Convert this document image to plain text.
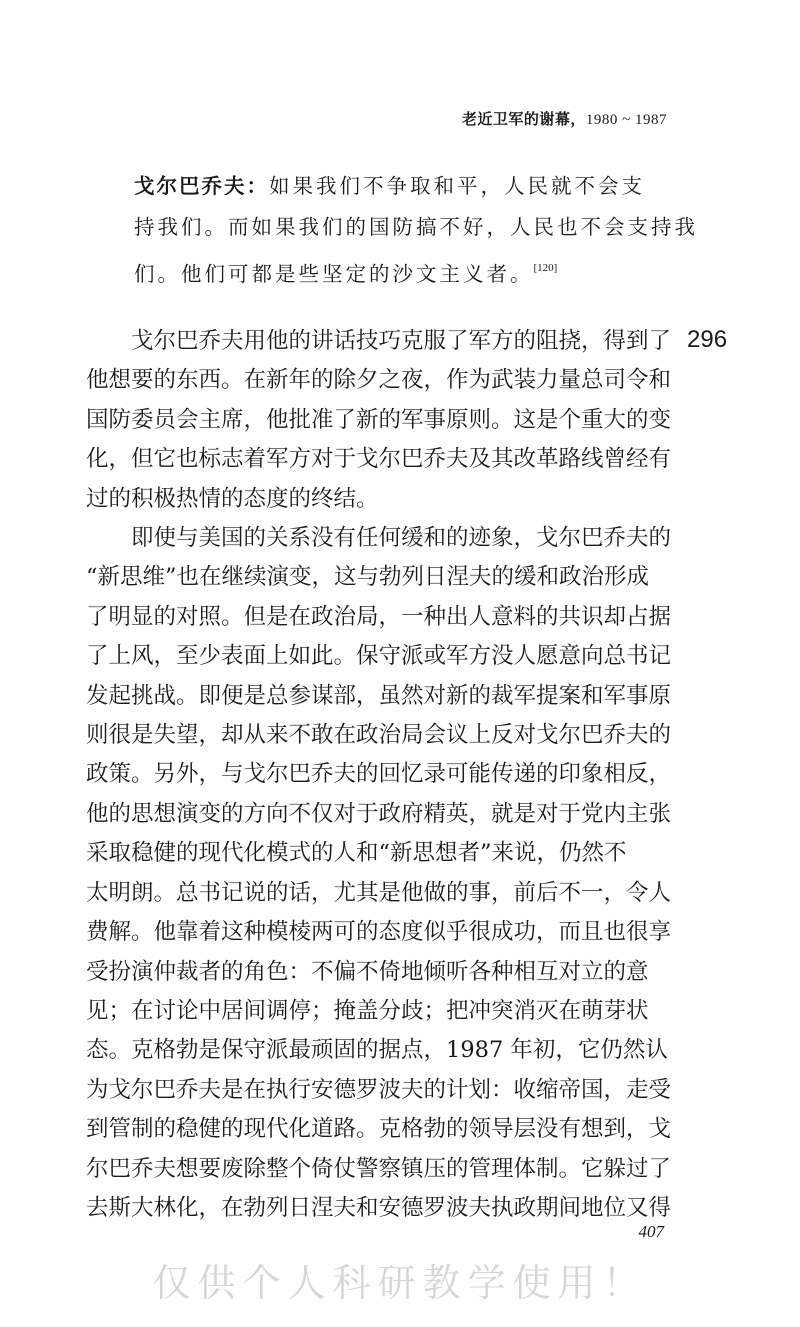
老近卫军的谢幕，1980 ~ 1987
戈尔巴乔夫：如果我们不争取和平，人民就不会支
持我们。而如果我们的国防搞不好，人民也不会支持我
们。他们可都是些坚定的沙文主义者。[120]
296
　　戈尔巴乔夫用他的讲话技巧克服了军方的阻挠，得到了
他想要的东西。在新年的除夕之夜，作为武装力量总司令和
国防委员会主席，他批准了新的军事原则。这是个重大的变
化，但它也标志着军方对于戈尔巴乔夫及其改革路线曾经有
过的积极热情的态度的终结。
　　即使与美国的关系没有任何缓和的迹象，戈尔巴乔夫的
“新思维”也在继续演变，这与勃列日涅夫的缓和政治形成
了明显的对照。但是在政治局，一种出人意料的共识却占据
了上风，至少表面上如此。保守派或军方没人愿意向总书记
发起挑战。即便是总参谋部，虽然对新的裁军提案和军事原
则很是失望，却从来不敢在政治局会议上反对戈尔巴乔夫的
政策。另外，与戈尔巴乔夫的回忆录可能传递的印象相反，
他的思想演变的方向不仅对于政府精英，就是对于党内主张
采取稳健的现代化模式的人和“新思想者”来说，仍然不
太明朗。总书记说的话，尤其是他做的事，前后不一，令人
费解。他靠着这种模棱两可的态度似乎很成功，而且也很享
受扮演仲裁者的角色：不偏不倚地倾听各种相互对立的意
见；在讨论中居间调停；掩盖分歧；把冲突消灭在萌芽状
态。克格勃是保守派最顽固的据点，1987 年初，它仍然认
为戈尔巴乔夫是在执行安德罗波夫的计划：收缩帝国，走受
到管制的稳健的现代化道路。克格勃的领导层没有想到，戈
尔巴乔夫想要废除整个倚仗警察镇压的管理体制。它躲过了
去斯大林化，在勃列日涅夫和安德罗波夫执政期间地位又得
407
仅供个人科研教学使用！
